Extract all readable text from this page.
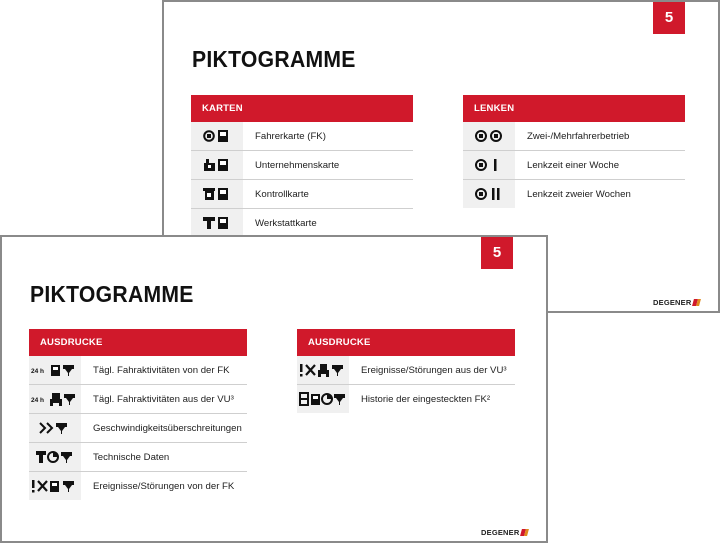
5
PIKTOGRAMME
KARTEN
Fahrerkarte (FK)
Unternehmenskarte
Kontrollkarte
Werkstattkarte
LENKEN
Zwei-/Mehrfahrerbetrieb
Lenkzeit einer Woche
Lenkzeit zweier Wochen
DEGENER
5
PIKTOGRAMME
AUSDRUCKE
24 h	Tägl. Fahraktivitäten von der FK
24 h	Tägl. Fahraktivitäten aus der VU³
Geschwindigkeitsüberschreitungen
Technische Daten
Ereignisse/Störungen von der FK
AUSDRUCKE
Ereignisse/Störungen aus der VU³
Historie der eingesteckten FK²
DEGENER
